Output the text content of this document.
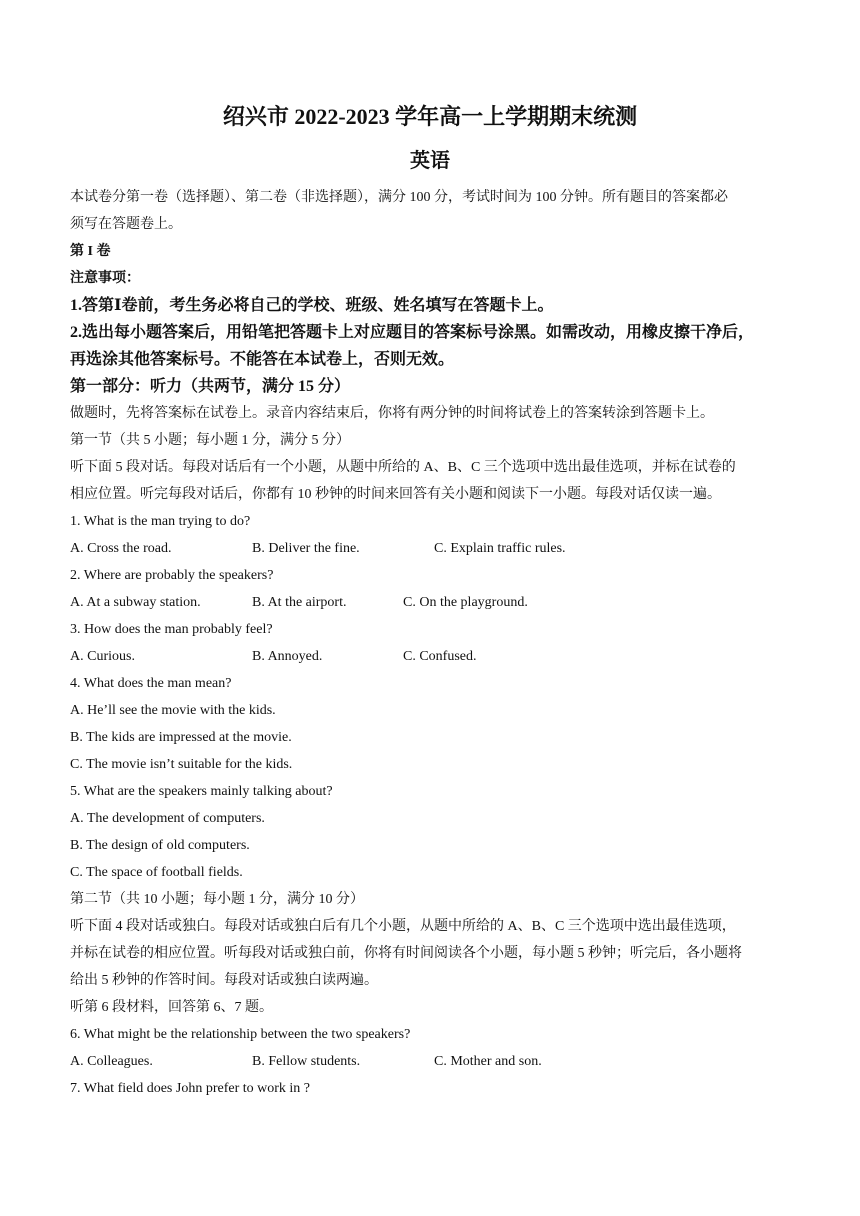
绍兴市 2022-2023 学年高一上学期期末统测
英语
本试卷分第一卷（选择题）、第二卷（非选择题），满分 100 分，考试时间为 100 分钟。所有题目的答案都必
须写在答题卷上。
第 I 卷
注意事项：
1.答第Ⅰ卷前，考生务必将自己的学校、班级、姓名填写在答题卡上。
2.选出每小题答案后，用铅笔把答题卡上对应题目的答案标号涂黑。如需改动，用橡皮擦干净后，
再选涂其他答案标号。不能答在本试卷上，否则无效。
第一部分：听力（共两节，满分 15 分）
做题时，先将答案标在试卷上。录音内容结束后，你将有两分钟的时间将试卷上的答案转涂到答题卡上。
第一节（共 5 小题；每小题 1 分，满分 5 分）
听下面 5 段对话。每段对话后有一个小题，从题中所给的 A、B、C 三个选项中选出最佳选项，并标在试卷的
相应位置。听完每段对话后，你都有 10 秒钟的时间来回答有关小题和阅读下一小题。每段对话仅读一遍。
1. What is the man trying to do?
A. Cross the road.	B. Deliver the fine.	C. Explain traffic rules.
2. Where are probably the speakers?
A. At a subway station.	B. At the airport.	C. On the playground.
3. How does the man probably feel?
A. Curious.	B. Annoyed.	C. Confused.
4. What does the man mean?
A. He’ll see the movie with the kids.
B. The kids are impressed at the movie.
C. The movie isn’t suitable for the kids.
5. What are the speakers mainly talking about?
A. The development of computers.
B. The design of old computers.
C. The space of football fields.
第二节（共 10 小题；每小题 1 分，满分 10 分）
听下面 4 段对话或独白。每段对话或独白后有几个小题，从题中所给的 A、B、C 三个选项中选出最佳选项，
并标在试卷的相应位置。听每段对话或独白前，你将有时间阅读各个小题，每小题 5 秒钟；听完后，各小题将
给出 5 秒钟的作答时间。每段对话或独白读两遍。
听第 6 段材料，回答第 6、7 题。
6. What might be the relationship between the two speakers?
A. Colleagues.	B. Fellow students.	C. Mother and son.
7. What field does John prefer to work in ?
